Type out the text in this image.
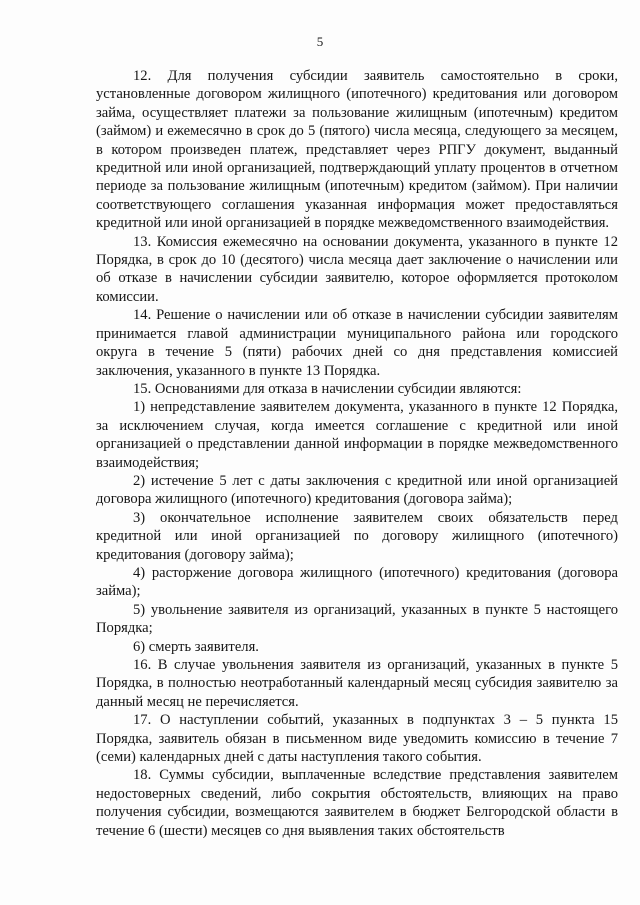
5

12. Для получения субсидии заявитель самостоятельно в сроки, установленные договором жилищного (ипотечного) кредитования или договором займа, осуществляет платежи за пользование жилищным (ипотечным) кредитом (займом) и ежемесячно в срок до 5 (пятого) числа месяца, следующего за месяцем, в котором произведен платеж, представляет через РПГУ документ, выданный кредитной или иной организацией, подтверждающий уплату процентов в отчетном периоде за пользование жилищным (ипотечным) кредитом (займом). При наличии соответствующего соглашения указанная информация может предоставляться кредитной или иной организацией в порядке межведомственного взаимодействия.

13. Комиссия ежемесячно на основании документа, указанного в пункте 12 Порядка, в срок до 10 (десятого) числа месяца дает заключение о начислении или об отказе в начислении субсидии заявителю, которое оформляется протоколом комиссии.

14. Решение о начислении или об отказе в начислении субсидии заявителям принимается главой администрации муниципального района или городского округа в течение 5 (пяти) рабочих дней со дня представления комиссией заключения, указанного в пункте 13 Порядка.

15. Основаниями для отказа в начислении субсидии являются:

1) непредставление заявителем документа, указанного в пункте 12 Порядка, за исключением случая, когда имеется соглашение с кредитной или иной организацией о представлении данной информации в порядке межведомственного взаимодействия;

2) истечение 5 лет с даты заключения с кредитной или иной организацией договора жилищного (ипотечного) кредитования (договора займа);

3) окончательное исполнение заявителем своих обязательств перед кредитной или иной организацией по договору жилищного (ипотечного) кредитования (договору займа);

4) расторжение договора жилищного (ипотечного) кредитования (договора займа);

5) увольнение заявителя из организаций, указанных в пункте 5 настоящего Порядка;

6) смерть заявителя.

16. В случае увольнения заявителя из организаций, указанных в пункте 5 Порядка, в полностью неотработанный календарный месяц субсидия заявителю за данный месяц не перечисляется.

17. О наступлении событий, указанных в подпунктах 3 – 5 пункта 15 Порядка, заявитель обязан в письменном виде уведомить комиссию в течение 7 (семи) календарных дней с даты наступления такого события.

18. Суммы субсидии, выплаченные вследствие представления заявителем недостоверных сведений, либо сокрытия обстоятельств, влияющих на право получения субсидии, возмещаются заявителем в бюджет Белгородской области в течение 6 (шести) месяцев со дня выявления таких обстоятельств
